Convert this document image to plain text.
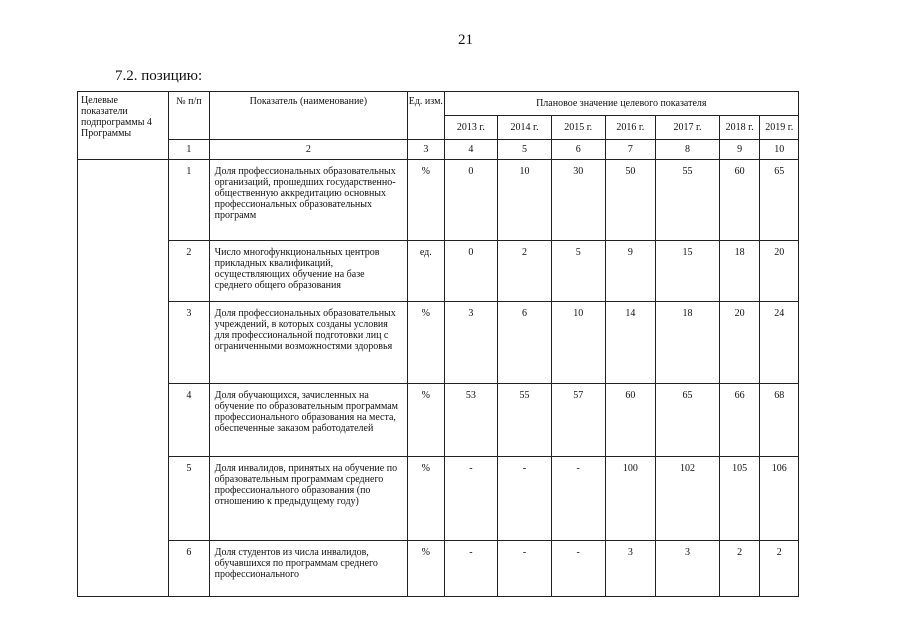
21
7.2. позицию:
Целевые показатели подпрограммы 4 Программы	№ п/п	Показатель (наименование)	Ед. изм.	Плановое значение целевого показателя						
				2013 г.	2014 г.	2015 г.	2016 г.	2017 г.	2018 г.	2019 г.
	1	2	3	4	5	6	7	8	9	10
	1	Доля профессиональных образовательных организаций, прошедших государственно-общественную аккредитацию основных профессиональных образовательных программ	%	0	10	30	50	55	60	65
	2	Число многофункциональных центров прикладных квалификаций, осуществляющих обучение на базе среднего общего образования	ед.	0	2	5	9	15	18	20
	3	Доля профессиональных образовательных учреждений, в которых созданы условия для профессиональной подготовки лиц с ограниченными возможностями здоровья	%	3	6	10	14	18	20	24
	4	Доля обучающихся, зачисленных на обучение по образовательным программам профессионального образования на места, обеспеченные заказом работодателей	%	53	55	57	60	65	66	68
	5	Доля инвалидов, принятых на обучение по образовательным программам среднего профессионального образования (по отношению к предыдущему году)	%	-	-	-	100	102	105	106
	6	Доля студентов из числа инвалидов, обучавшихся по программам среднего профессионального	%	-	-	-	3	3	2	2
